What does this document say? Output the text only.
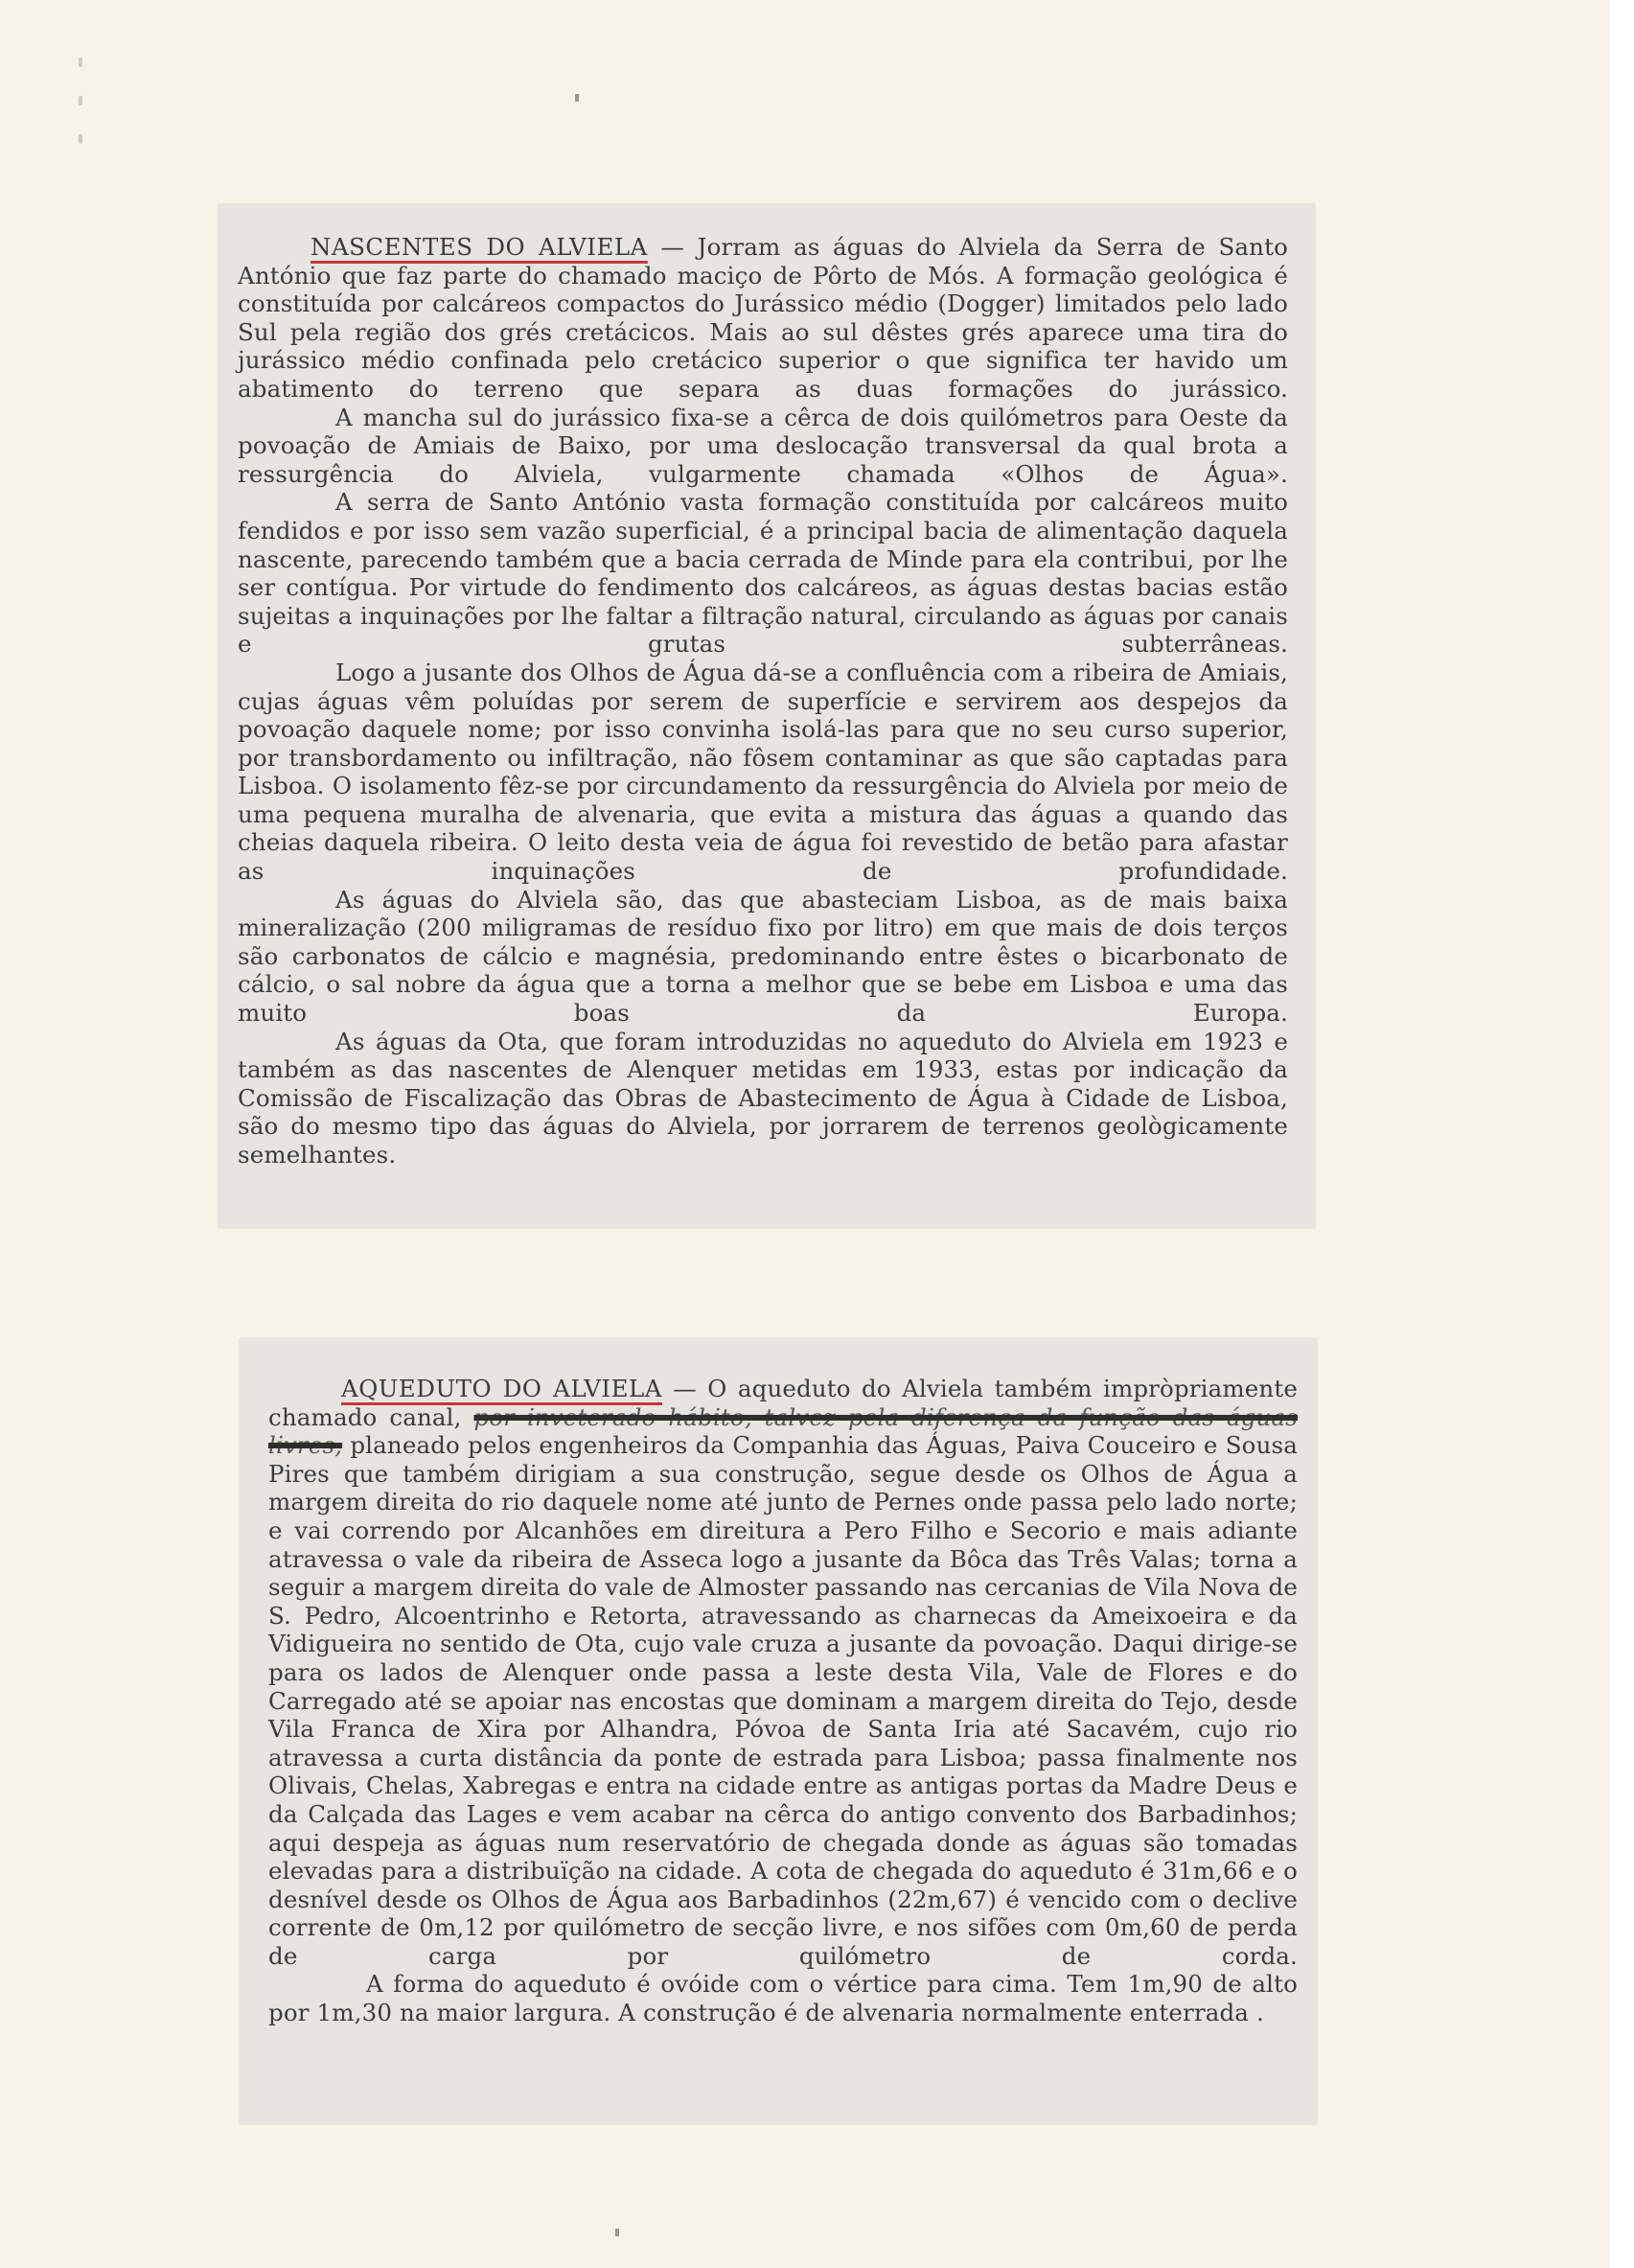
NASCENTES DO ALVIELA — Jorram as águas do Alviela da Serra de Santo António que faz parte do chamado maciço de Pôrto de Mós. A formação geológica é constituída por calcáreos compactos do Jurássico médio (Dogger) limitados pelo lado Sul pela região dos grés cretácicos. Mais ao sul dêstes grés aparece uma tira do jurássico médio confinada pelo cretácico superior o que significa ter havido um abatimento do terreno que separa as duas formações do jurássico.

A mancha sul do jurássico fixa-se a cêrca de dois quilómetros para Oeste da povoação de Amiais de Baixo, por uma deslocação transversal da qual brota a ressurgência do Alviela, vulgarmente chamada «Olhos de Água».

A serra de Santo António vasta formação constituída por calcáreos muito fendidos e por isso sem vazão superficial, é a principal bacia de alimentação daquela nascente, parecendo também que a bacia cerrada de Minde para ela contribui, por lhe ser contígua. Por virtude do fendimento dos calcáreos, as águas destas bacias estão sujeitas a inquinações por lhe faltar a filtração natural, circulando as águas por canais e grutas subterrâneas.

Logo a jusante dos Olhos de Água dá-se a confluência com a ribeira de Amiais, cujas águas vêm poluídas por serem de superfície e servirem aos despejos da povoação daquele nome; por isso convinha isolá-las para que no seu curso superior, por transbordamento ou infiltração, não fôsem contaminar as que são captadas para Lisboa. O isolamento fêz-se por circundamento da ressurgência do Alviela por meio de uma pequena muralha de alvenaria, que evita a mistura das águas a quando das cheias daquela ribeira. O leito desta veia de água foi revestido de betão para afastar as inquinações de profundidade.

As águas do Alviela são, das que abasteciam Lisboa, as de mais baixa mineralização (200 miligramas de resíduo fixo por litro) em que mais de dois terços são carbonatos de cálcio e magnésia, predominando entre êstes o bicarbonato de cálcio, o sal nobre da água que a torna a melhor que se bebe em Lisboa e uma das muito boas da Europa.

As águas da Ota, que foram introduzidas no aqueduto do Alviela em 1923 e também as das nascentes de Alenquer metidas em 1933, estas por indicação da Comissão de Fiscalização das Obras de Abastecimento de Água à Cidade de Lisboa, são do mesmo tipo das águas do Alviela, por jorrarem de terrenos geològicamente semelhantes.

AQUEDUTO DO ALVIELA — O aqueduto do Alviela também impròpriamente chamado canal, por inveterado hábito, talvez pela diferença da função das águas livres, planeado pelos engenheiros da Companhia das Águas, Paiva Couceiro e Sousa Pires que também dirigiam a sua construção, segue desde os Olhos de Água a margem direita do rio daquele nome até junto de Pernes onde passa pelo lado norte; e vai correndo por Alcanhões em direitura a Pero Filho e Secorio e mais adiante atravessa o vale da ribeira de Asseca logo a jusante da Bôca das Três Valas; torna a seguir a margem direita do vale de Almoster passando nas cercanias de Vila Nova de S. Pedro, Alcoentrinho e Retorta, atravessando as charnecas da Ameixoeira e da Vidigueira no sentido de Ota, cujo vale cruza a jusante da povoação. Daqui dirige-se para os lados de Alenquer onde passa a leste desta Vila, Vale de Flores e do Carregado até se apoiar nas encostas que dominam a margem direita do Tejo, desde Vila Franca de Xira por Alhandra, Póvoa de Santa Iria até Sacavém, cujo rio atravessa a curta distância da ponte de estrada para Lisboa; passa finalmente nos Olivais, Chelas, Xabregas e entra na cidade entre as antigas portas da Madre Deus e da Calçada das Lages e vem acabar na cêrca do antigo convento dos Barbadinhos; aqui despeja as águas num reservatório de chegada donde as águas são tomadas elevadas para a distribuïção na cidade. A cota de chegada do aqueduto é 31m,66 e o desnível desde os Olhos de Água aos Barbadinhos (22m,67) é vencido com o declive corrente de 0m,12 por quilómetro de secção livre, e nos sifões com 0m,60 de perda de carga por quilómetro de corda.

A forma do aqueduto é ovóide com o vértice para cima. Tem 1m,90 de alto por 1m,30 na maior largura. A construção é de alvenaria normalmente enterrada .
